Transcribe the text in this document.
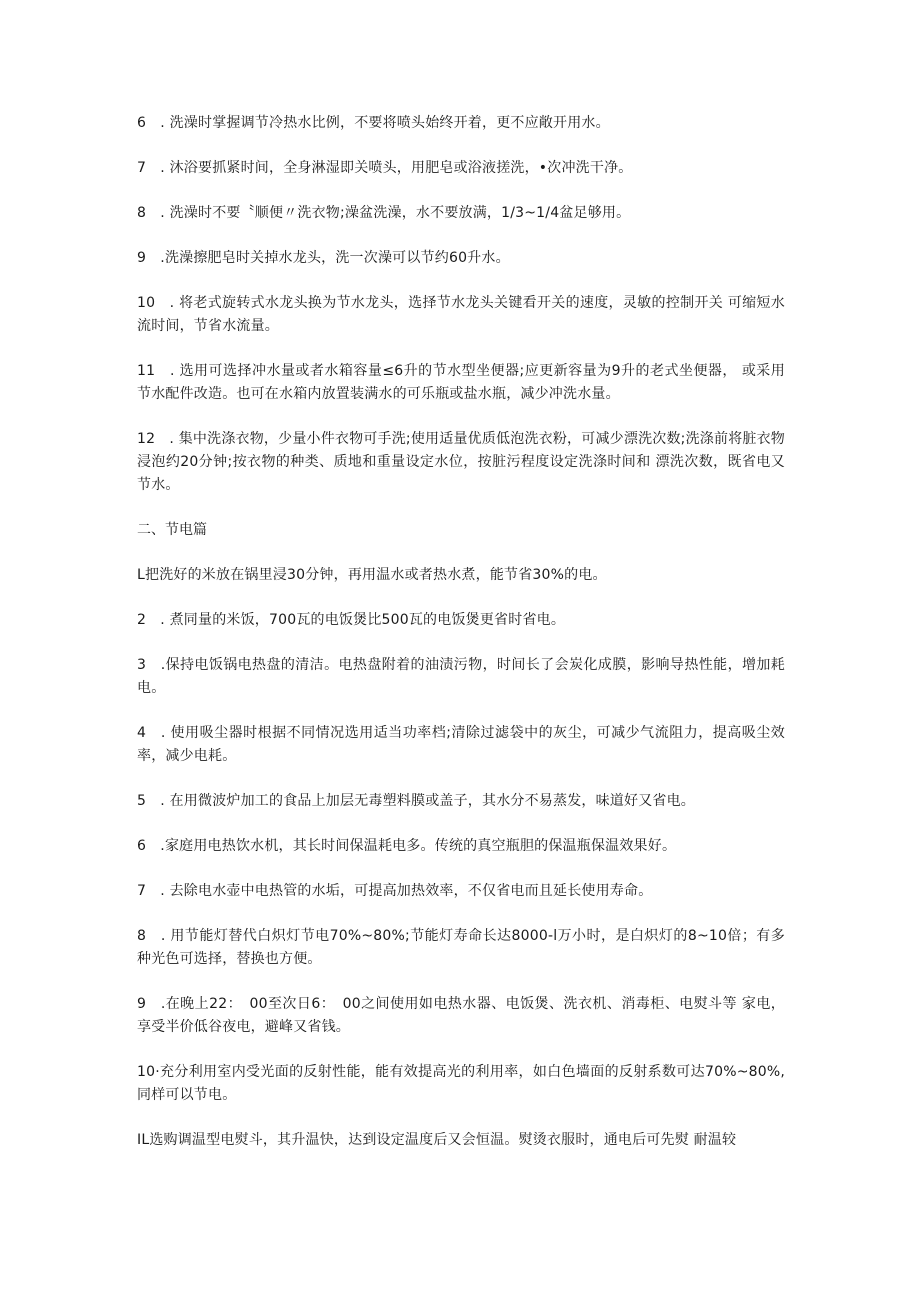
6　. 洗澡时掌握调节冷热水比例，不要将喷头始终开着，更不应敞开用水。

7　. 沐浴要抓紧时间，全身淋湿即关喷头，用肥皂或浴液搓洗，•次冲洗干净。

8　. 洗澡时不要〝顺便〃洗衣物;澡盆洗澡，水不要放满，1/3~1/4盆足够用。

9　.洗澡擦肥皂时关掉水龙头，洗一次澡可以节约60升水。

10　. 将老式旋转式水龙头换为节水龙头，选择节水龙头关键看开关的速度，灵敏的控制开关 可缩短水流时间，节省水流量。

11　. 选用可选择冲水量或者水箱容量≤6升的节水型坐便器;应更新容量为9升的老式坐便器， 或采用节水配件改造。也可在水箱内放置装满水的可乐瓶或盐水瓶，减少冲洗水量。

12　. 集中洗涤衣物，少量小件衣物可手洗;使用适量优质低泡洗衣粉，可减少漂洗次数;洗涤前将脏衣物浸泡约20分钟;按衣物的种类、质地和重量设定水位，按脏污程度设定洗涤时间和 漂洗次数，既省电又节水。

二、节电篇

L把洗好的米放在锅里浸30分钟，再用温水或者热水煮，能节省30%的电。

2　. 煮同量的米饭，700瓦的电饭煲比500瓦的电饭煲更省时省电。

3　.保持电饭锅电热盘的清洁。电热盘附着的油渍污物，时间长了会炭化成膜，影响导热性能，增加耗电。

4　. 使用吸尘器时根据不同情况选用适当功率档;清除过滤袋中的灰尘，可减少气流阻力，提高吸尘效率，减少电耗。

5　. 在用微波炉加工的食品上加层无毒塑料膜或盖子，其水分不易蒸发，味道好又省电。

6　.家庭用电热饮水机，其长时间保温耗电多。传统的真空瓶胆的保温瓶保温效果好。

7　. 去除电水壶中电热管的水垢，可提高加热效率，不仅省电而且延长使用寿命。

8　. 用节能灯替代白炽灯节电70%~80%;节能灯寿命长达8000-l万小时，是白炽灯的8~10倍；有多种光色可选择，替换也方便。

9　.在晚上22：　00至次日6：　00之间使用如电热水器、电饭煲、洗衣机、消毒柜、电熨斗等 家电，享受半价低谷夜电，避峰又省钱。

10·充分利用室内受光面的反射性能，能有效提高光的利用率，如白色墙面的反射系数可达70%~80%,同样可以节电。

IL选购调温型电熨斗，其升温快，达到设定温度后又会恒温。熨烫衣服时，通电后可先熨 耐温较
